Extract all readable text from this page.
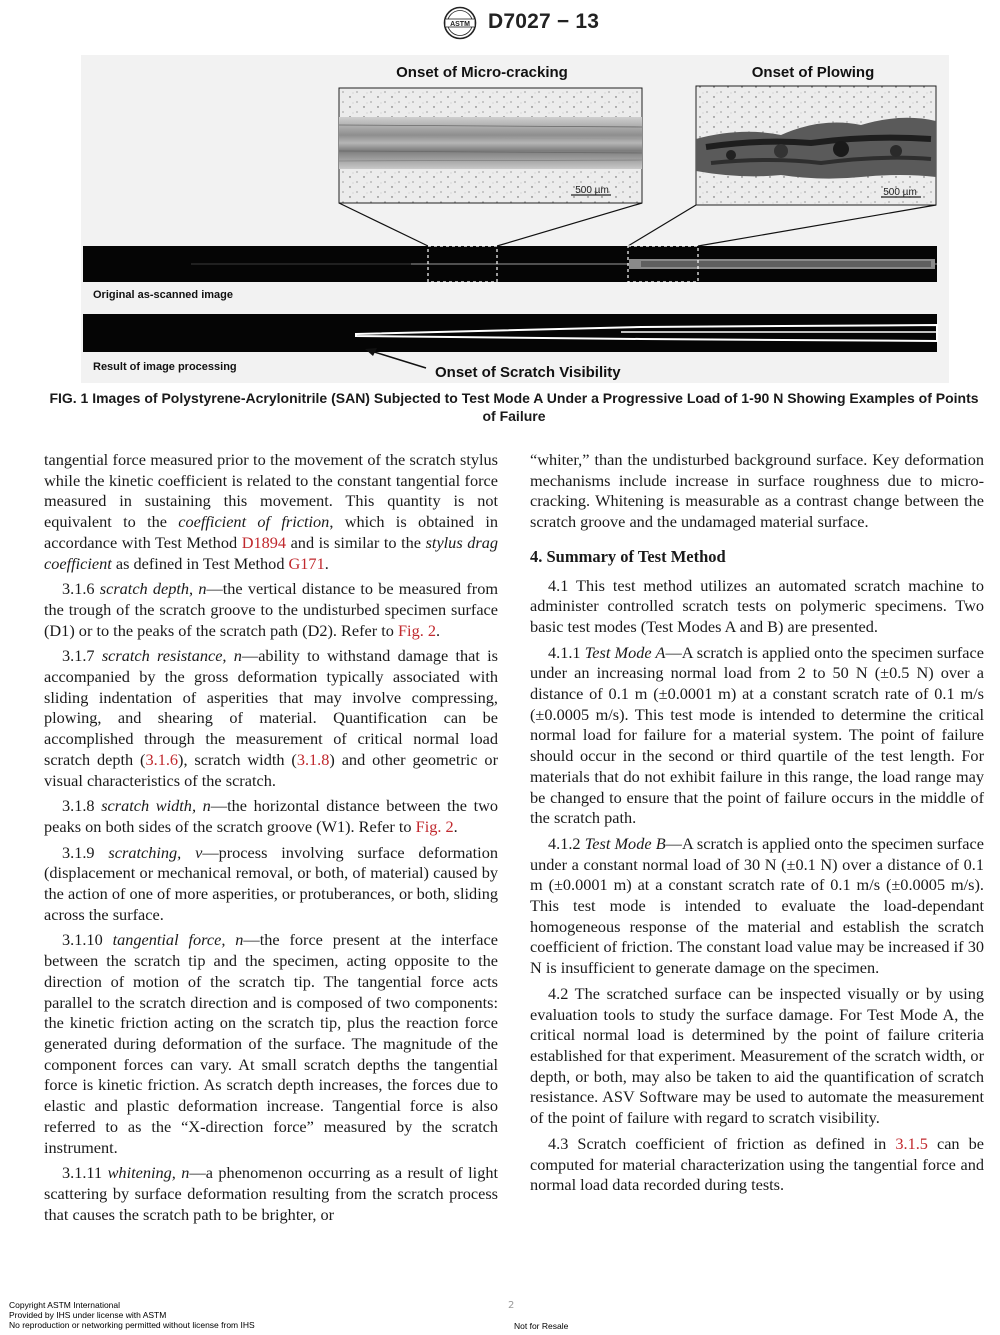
ASTM D7027 − 13
Onset of Micro-cracking	Onset of Plowing
500 µm	500 µm
Original as-scanned image
Result of image processing	Onset of Scratch Visibility
FIG. 1 Images of Polystyrene-Acrylonitrile (SAN) Subjected to Test Mode A Under a Progressive Load of 1-90 N Showing Examples of Points of Failure

tangential force measured prior to the movement of the scratch stylus while the kinetic coefficient is related to the constant tangential force measured in sustaining this movement. This quantity is not equivalent to the coefficient of friction, which is obtained in accordance with Test Method D1894 and is similar to the stylus drag coefficient as defined in Test Method G171.

3.1.6 scratch depth, n—the vertical distance to be measured from the trough of the scratch groove to the undisturbed specimen surface (D1) or to the peaks of the scratch path (D2). Refer to Fig. 2.

3.1.7 scratch resistance, n—ability to withstand damage that is accompanied by the gross deformation typically associated with sliding indentation of asperities that may involve compressing, plowing, and shearing of material. Quantification can be accomplished through the measurement of critical normal load scratch depth (3.1.6), scratch width (3.1.8) and other geometric or visual characteristics of the scratch.

3.1.8 scratch width, n—the horizontal distance between the two peaks on both sides of the scratch groove (W1). Refer to Fig. 2.

3.1.9 scratching, v—process involving surface deformation (displacement or mechanical removal, or both, of material) caused by the action of one of more asperities, or protuberances, or both, sliding across the surface.

3.1.10 tangential force, n—the force present at the interface between the scratch tip and the specimen, acting opposite to the direction of motion of the scratch tip. The tangential force acts parallel to the scratch direction and is composed of two components: the kinetic friction acting on the scratch tip, plus the reaction force generated during deformation of the surface. The magnitude of the component forces can vary. At small scratch depths the tangential force is kinetic friction. As scratch depth increases, the forces due to elastic and plastic deformation increase. Tangential force is also referred to as the “X-direction force” measured by the scratch instrument.

3.1.11 whitening, n—a phenomenon occurring as a result of light scattering by surface deformation resulting from the scratch process that causes the scratch path to be brighter, or

“whiter,” than the undisturbed background surface. Key deformation mechanisms include increase in surface roughness due to micro-cracking. Whitening is measurable as a contrast change between the scratch groove and the undamaged material surface.

4. Summary of Test Method

4.1 This test method utilizes an automated scratch machine to administer controlled scratch tests on polymeric specimens. Two basic test modes (Test Modes A and B) are presented.

4.1.1 Test Mode A—A scratch is applied onto the specimen surface under an increasing normal load from 2 to 50 N (±0.5 N) over a distance of 0.1 m (±0.0001 m) at a constant scratch rate of 0.1 m/s (±0.0005 m/s). This test mode is intended to determine the critical normal load for failure for a material system. The point of failure should occur in the second or third quartile of the test length. For materials that do not exhibit failure in this range, the load range may be changed to ensure that the point of failure occurs in the middle of the scratch path.

4.1.2 Test Mode B—A scratch is applied onto the specimen surface under a constant normal load of 30 N (±0.1 N) over a distance of 0.1 m (±0.0001 m) at a constant scratch rate of 0.1 m/s (±0.0005 m/s). This test mode is intended to evaluate the load-dependant homogeneous response of the material and establish the scratch coefficient of friction. The constant load value may be increased if 30 N is insufficient to generate damage on the specimen.

4.2 The scratched surface can be inspected visually or by using evaluation tools to study the surface damage. For Test Mode A, the critical normal load is determined by the point of failure criteria established for that experiment. Measurement of the scratch width, or depth, or both, may also be taken to aid the quantification of scratch resistance. ASV Software may be used to automate the measurement of the point of failure with regard to scratch visibility.

4.3 Scratch coefficient of friction as defined in 3.1.5 can be computed for material characterization using the tangential force and normal load data recorded during tests.

Copyright ASTM International
Provided by IHS under license with ASTM
No reproduction or networking permitted without license from IHS
2
Not for Resale
